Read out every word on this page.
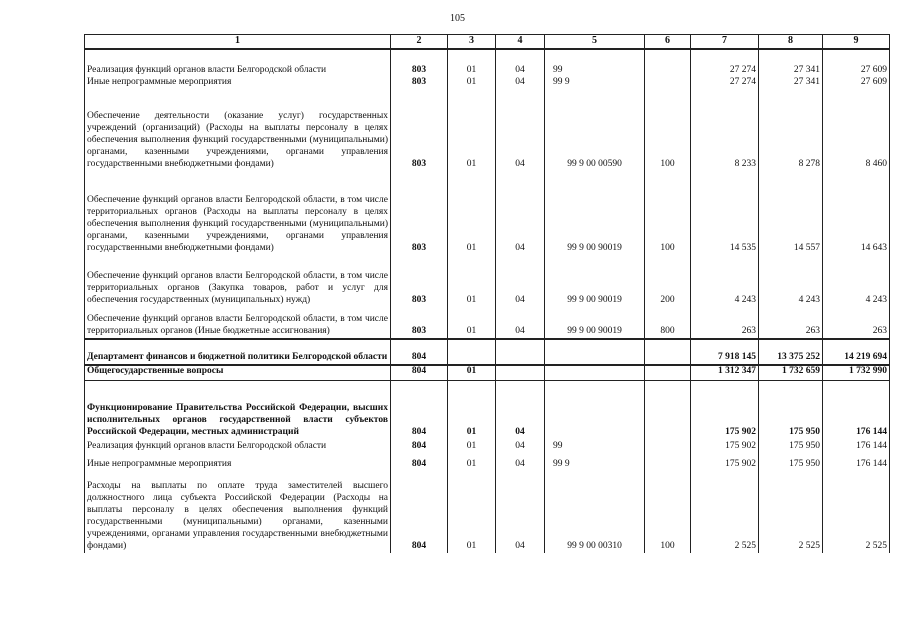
105
1	2	3	4	5	6	7	8	9
Реализация функций органов власти Белгородской области	803	01	04	99		27 274	27 341	27 609
Иные непрограммные мероприятия	803	01	04	99 9		27 274	27 341	27 609
Обеспечение деятельности (оказание услуг) государственных учреждений (организаций) (Расходы на выплаты персоналу в целях обеспечения выполнения функций государственными (муниципальными) органами, казенными учреждениями, органами управления государственными внебюджетными фондами)	803	01	04	99 9 00 00590	100	8 233	8 278	8 460
Обеспечение функций органов власти Белгородской области, в том числе территориальных органов (Расходы на выплаты персоналу в целях обеспечения выполнения функций государственными (муниципальными) органами, казенными учреждениями, органами управления государственными внебюджетными фондами)	803	01	04	99 9 00 90019	100	14 535	14 557	14 643
Обеспечение функций органов власти Белгородской области, в том числе территориальных органов (Закупка товаров, работ и услуг для обеспечения государственных (муниципальных) нужд)	803	01	04	99 9 00 90019	200	4 243	4 243	4 243
Обеспечение функций органов власти Белгородской области, в том числе территориальных органов (Иные бюджетные ассигнования)	803	01	04	99 9 00 90019	800	263	263	263
Департамент финансов и бюджетной политики Белгородской области	804					7 918 145	13 375 252	14 219 694
Общегосударственные вопросы	804	01				1 312 347	1 732 659	1 732 990
Функционирование Правительства Российской Федерации, высших исполнительных органов государственной власти субъектов Российской Федерации, местных администраций	804	01	04			175 902	175 950	176 144
Реализация функций органов власти Белгородской области	804	01	04	99		175 902	175 950	176 144
Иные непрограммные мероприятия	804	01	04	99 9		175 902	175 950	176 144
Расходы на выплаты по оплате труда заместителей высшего должностного лица субъекта Российской Федерации (Расходы на выплаты персоналу в целях обеспечения выполнения функций государственными (муниципальными) органами, казенными учреждениями, органами управления государственными внебюджетными фондами)	804	01	04	99 9 00 00310	100	2 525	2 525	2 525
